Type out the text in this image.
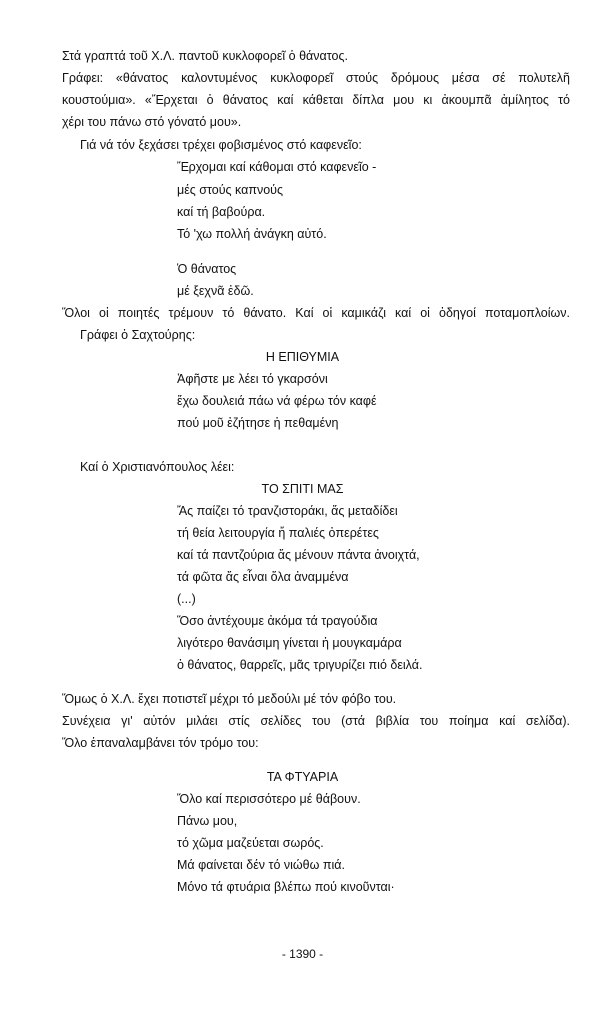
Στά γραπτά τοῦ Χ.Λ. παντοῦ κυκλοφορεῖ ὁ θάνατος.
Γράφει: «θάνατος καλοντυμένος κυκλοφορεῖ στούς δρόμους μέσα σέ πολυτελῆ
κουστούμια». «Ἔρχεται ὁ θάνατος καί κάθεται δίπλα μου κι ἀκουμπᾶ ἀμίλητος τό
χέρι του πάνω στό γόνατό μου».
Γιά νά τόν ξεχάσει τρέχει φοβισμένος στό καφενεῖο:
Ἔρχομαι καί κάθομαι στό καφενεῖο -
μές στούς καπνούς
καί τή βαβούρα.
Τό 'χω πολλή ἀνάγκη αὐτό.
Ὁ θάνατος
μέ ξεχνᾶ ἐδῶ.
Ὅλοι οἱ ποιητές τρέμουν τό θάνατο. Καί οἱ καμικάζι καί οἱ ὁδηγοί ποταμοπλοίων.
Γράφει ὁ Σαχτούρης:
Η ΕΠΙΘΥΜΙΑ
Ἀφῆστε με λέει τό γκαρσόνι
ἔχω δουλειά πάω νά φέρω τόν καφέ
πού μοῦ ἐζήτησε ἡ πεθαμένη
Καί ὁ Χριστιανόπουλος λέει:
ΤΟ ΣΠΙΤΙ ΜΑΣ
Ἄς παίζει τό τρανζιστοράκι, ἄς μεταδίδει
τή θεία λειτουργία ἤ παλιές ὀπερέτες
καί τά παντζούρια ἄς μένουν πάντα ἀνοιχτά,
τά φῶτα ἄς εἶναι ὅλα ἀναμμένα
(...)
Ὅσο ἀντέχουμε ἀκόμα τά τραγούδια
λιγότερο θανάσιμη γίνεται ἡ μουγκαμάρα
ὁ θάνατος, θαρρεῖς, μᾶς τριγυρίζει πιό δειλά.
Ὅμως ὁ Χ.Λ. ἔχει ποτιστεῖ μέχρι τό μεδούλι μέ τόν φόβο του.
Συνέχεια γι' αὐτόν μιλάει στίς σελίδες του (στά βιβλία του ποίημα καί σελίδα).
Ὅλο ἐπαναλαμβάνει τόν τρόμο του:
ΤΑ ΦΤΥΑΡΙΑ
Ὅλο καί περισσότερο μέ θάβουν.
Πάνω μου,
τό χῶμα μαζεύεται σωρός.
Μά φαίνεται δέν τό νιώθω πιά.
Μόνο τά φτυάρια βλέπω πού κινοῦνται·
- 1390 -
